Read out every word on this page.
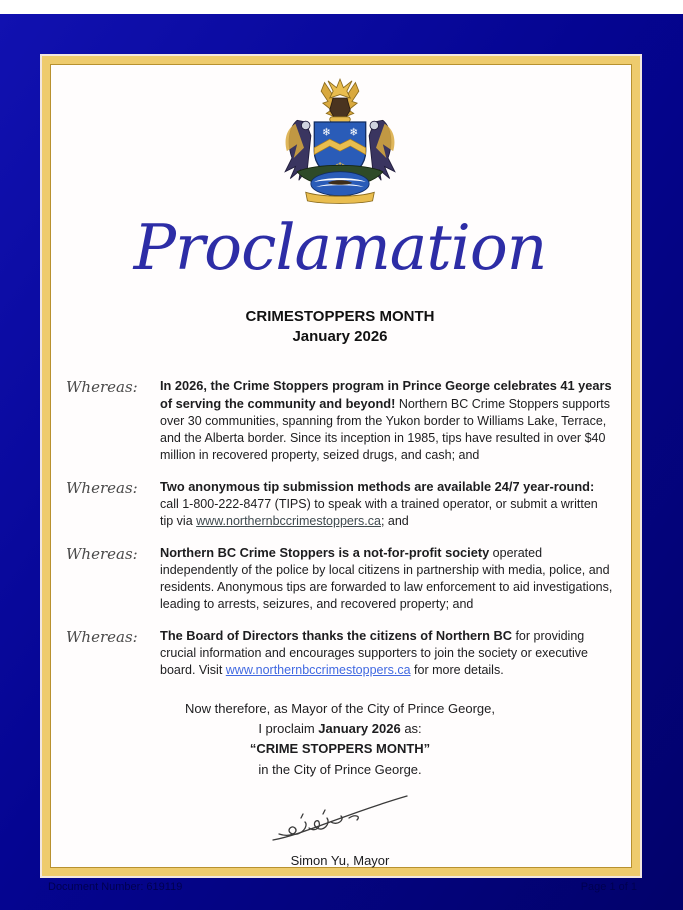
❄ ❄
Proclamation
CRIMESTOPPERS MONTH
January 2026
Whereas:	In 2026, the Crime Stoppers program in Prince George celebrates 41 years of serving the community and beyond! Northern BC Crime Stoppers supports over 30 communities, spanning from the Yukon border to Williams Lake, Terrace, and the Alberta border. Since its inception in 1985, tips have resulted in over $40 million in recovered property, seized drugs, and cash; and

Whereas:	Two anonymous tip submission methods are available 24/7 year-round: call 1-800-222-8477 (TIPS) to speak with a trained operator, or submit a written tip via www.northernbccrimestoppers.ca; and

Whereas:	Northern BC Crime Stoppers is a not-for-profit society operated independently of the police by local citizens in partnership with media, police, and residents. Anonymous tips are forwarded to law enforcement to aid investigations, leading to arrests, seizures, and recovered property; and

Whereas:	The Board of Directors thanks the citizens of Northern BC for providing crucial information and encourages supporters to join the society or executive board. Visit www.northernbccrimestoppers.ca for more details.

Now therefore, as Mayor of the City of Prince George,
I proclaim January 2026 as:
“CRIME STOPPERS MONTH”
in the City of Prince George.
Simon Yu, Mayor
Document Number: 619119	Page 1 of 1
